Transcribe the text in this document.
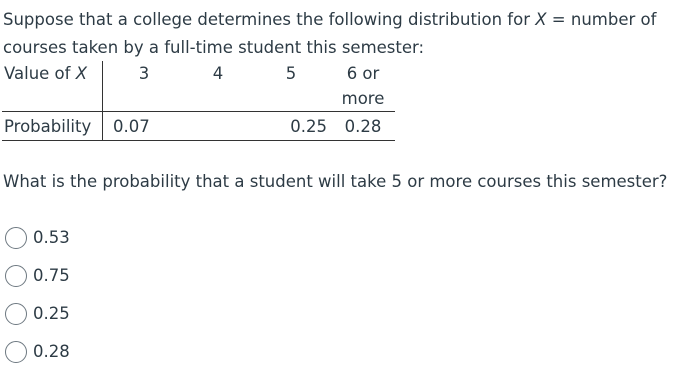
Suppose that a college determines the following distribution for X = number of
courses taken by a full-time student this semester:
Value of X	3	4	5	6 or
more

Probability	0.07		0.25	0.28
What is the probability that a student will take 5 or more courses this semester?
0.53
0.75
0.25
0.28
